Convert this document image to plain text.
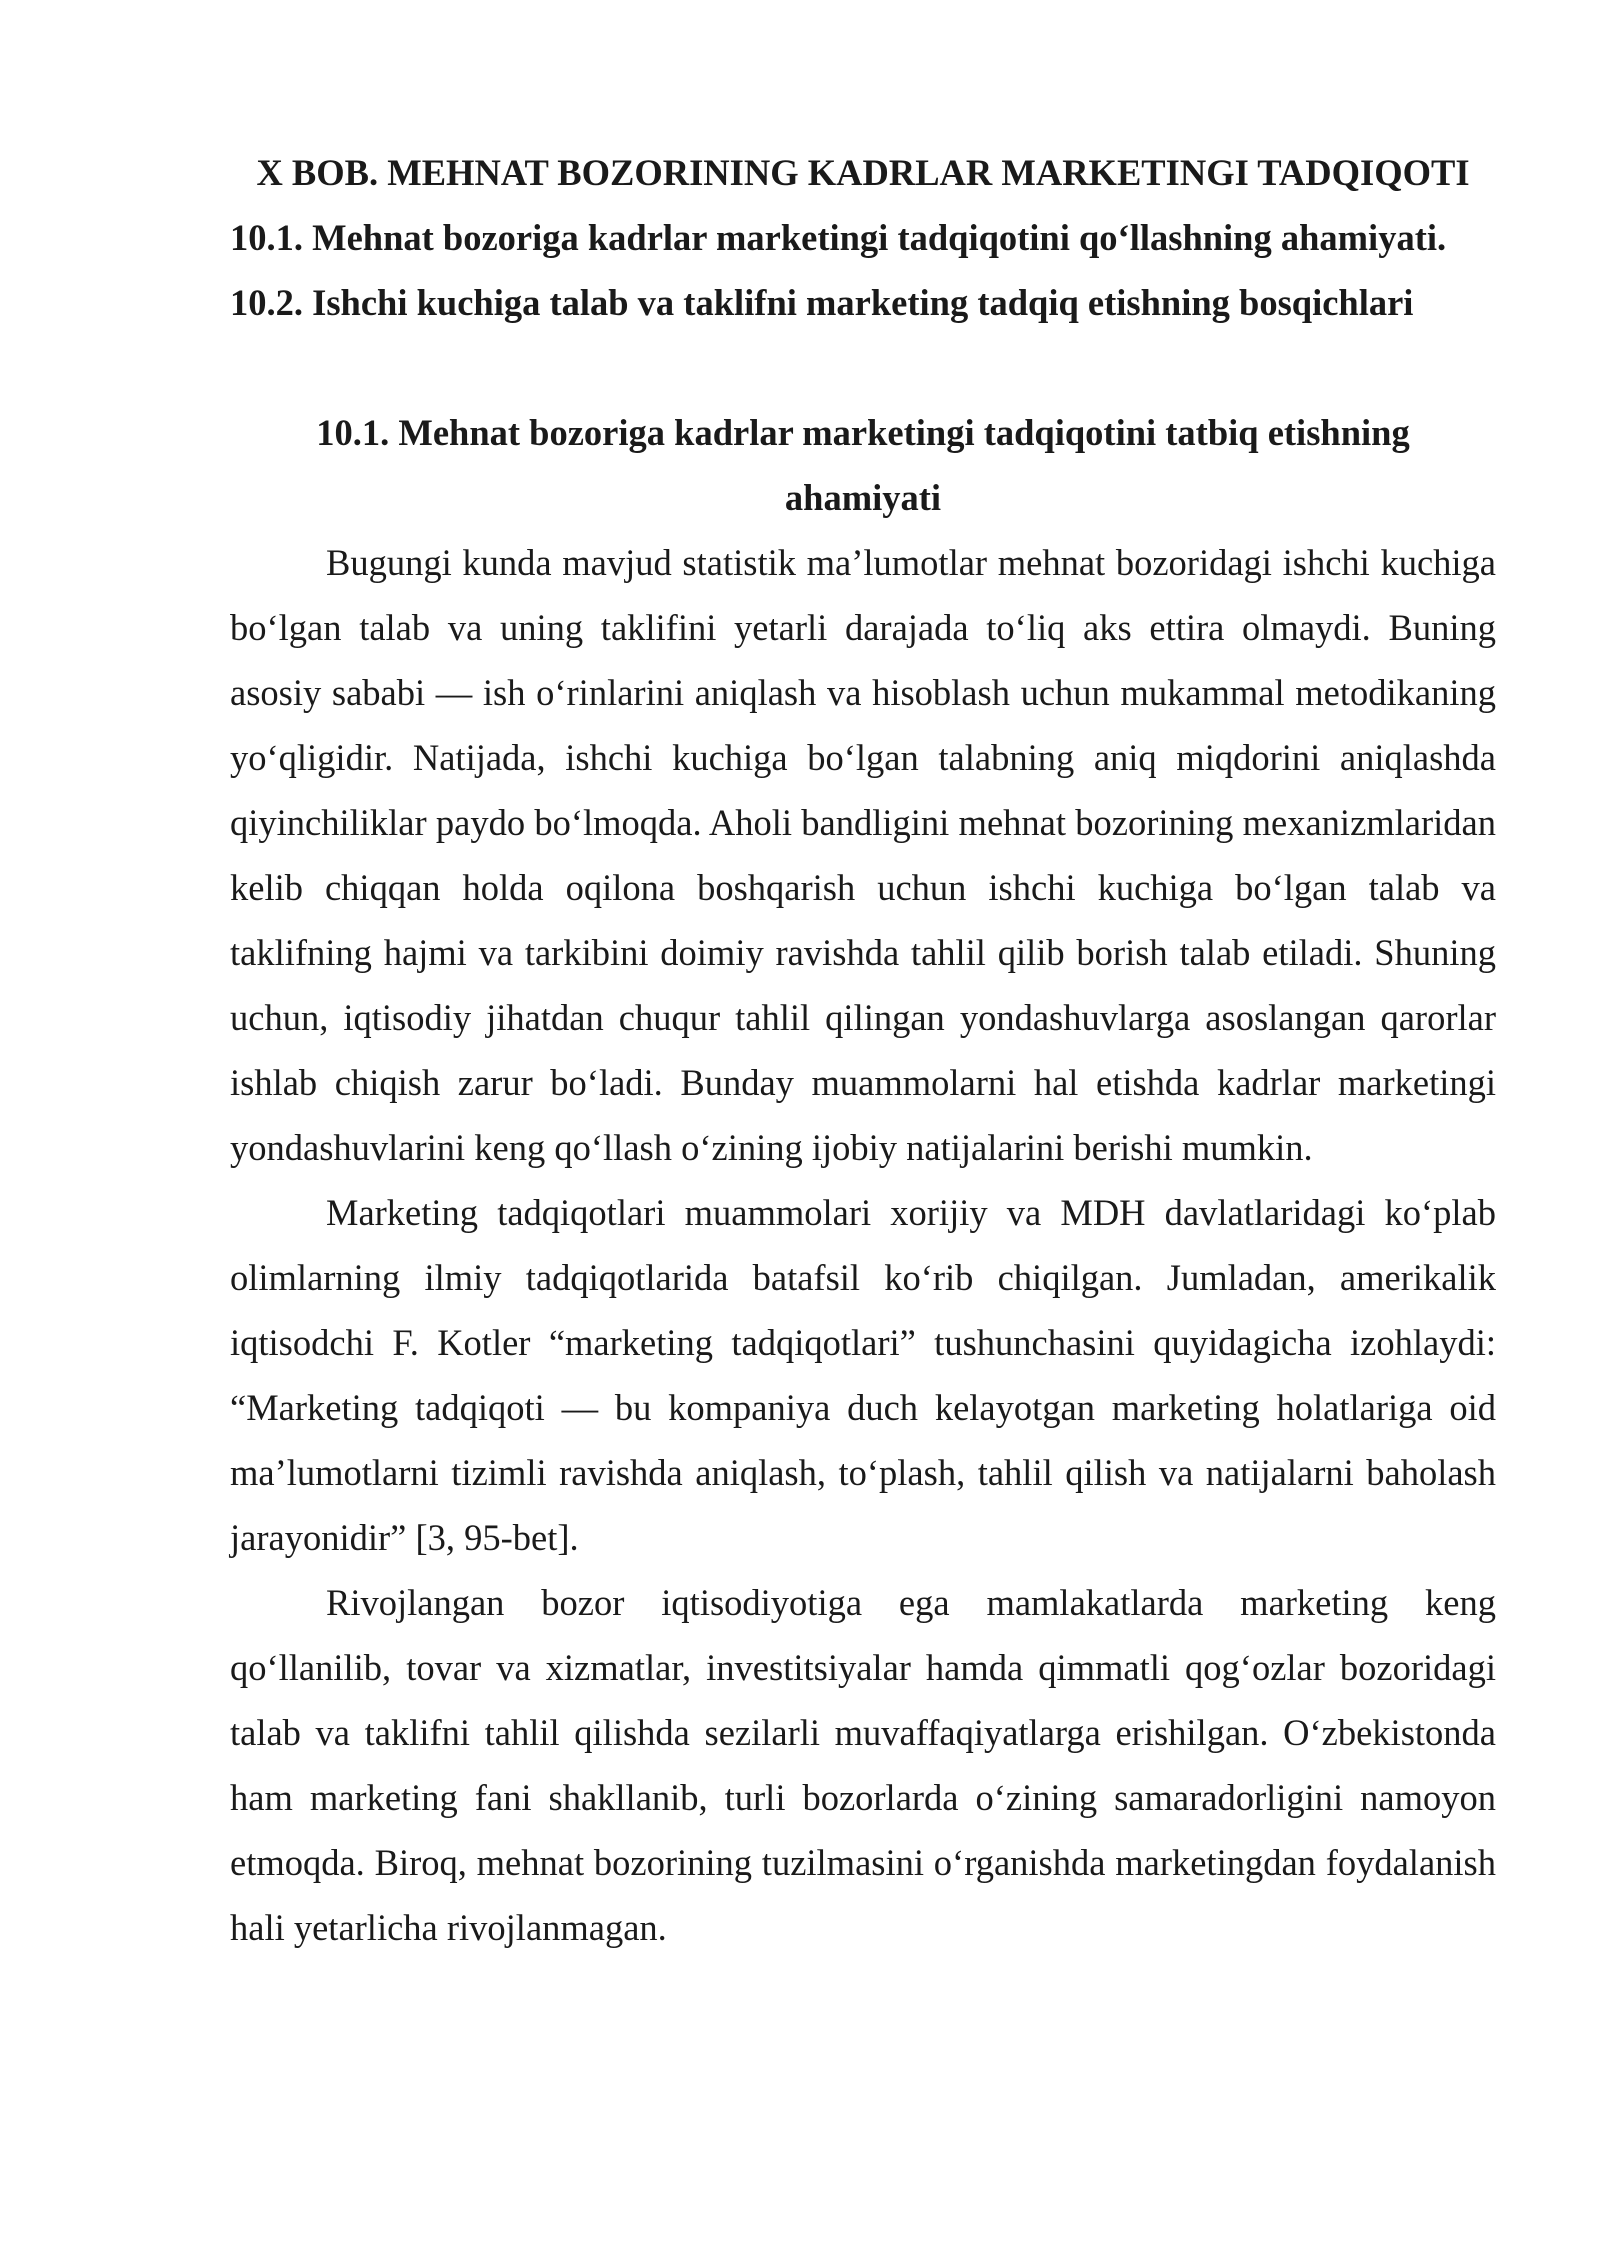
X BOB. MEHNAT BOZORINING KADRLAR MARKETINGI TADQIQOTI
10.1. Mehnat bozoriga kadrlar marketingi tadqiqotini qo‘llashning ahamiyati.
10.2. Ishchi kuchiga talab va taklifni marketing tadqiq etishning bosqichlari
10.1. Mehnat bozoriga kadrlar marketingi tadqiqotini tatbiq etishning ahamiyati

Bugungi kunda mavjud statistik ma’lumotlar mehnat bozoridagi ishchi kuchiga bo‘lgan talab va uning taklifini yetarli darajada to‘liq aks ettira olmaydi. Buning asosiy sababi — ish o‘rinlarini aniqlash va hisoblash uchun mukammal metodikaning yo‘qligidir. Natijada, ishchi kuchiga bo‘lgan talabning aniq miqdorini aniqlashda qiyinchiliklar paydo bo‘lmoqda. Aholi bandligini mehnat bozorining mexanizmlaridan kelib chiqqan holda oqilona boshqarish uchun ishchi kuchiga bo‘lgan talab va taklifning hajmi va tarkibini doimiy ravishda tahlil qilib borish talab etiladi. Shuning uchun, iqtisodiy jihatdan chuqur tahlil qilingan yondashuvlarga asoslangan qarorlar ishlab chiqish zarur bo‘ladi. Bunday muammolarni hal etishda kadrlar marketingi yondashuvlarini keng qo‘llash o‘zining ijobiy natijalarini berishi mumkin.

Marketing tadqiqotlari muammolari xorijiy va MDH davlatlaridagi ko‘plab olimlarning ilmiy tadqiqotlarida batafsil ko‘rib chiqilgan. Jumladan, amerikalik iqtisodchi F. Kotler “marketing tadqiqotlari” tushunchasini quyidagicha izohlaydi: “Marketing tadqiqoti — bu kompaniya duch kelayotgan marketing holatlariga oid ma’lumotlarni tizimli ravishda aniqlash, to‘plash, tahlil qilish va natijalarni baholash jarayonidir” [3, 95-bet].

Rivojlangan bozor iqtisodiyotiga ega mamlakatlarda marketing keng qo‘llanilib, tovar va xizmatlar, investitsiyalar hamda qimmatli qog‘ozlar bozoridagi talab va taklifni tahlil qilishda sezilarli muvaffaqiyatlarga erishilgan. O‘zbekistonda ham marketing fani shakllanib, turli bozorlarda o‘zining samaradorligini namoyon etmoqda. Biroq, mehnat bozorining tuzilmasini o‘rganishda marketingdan foydalanish hali yetarlicha rivojlanmagan.
